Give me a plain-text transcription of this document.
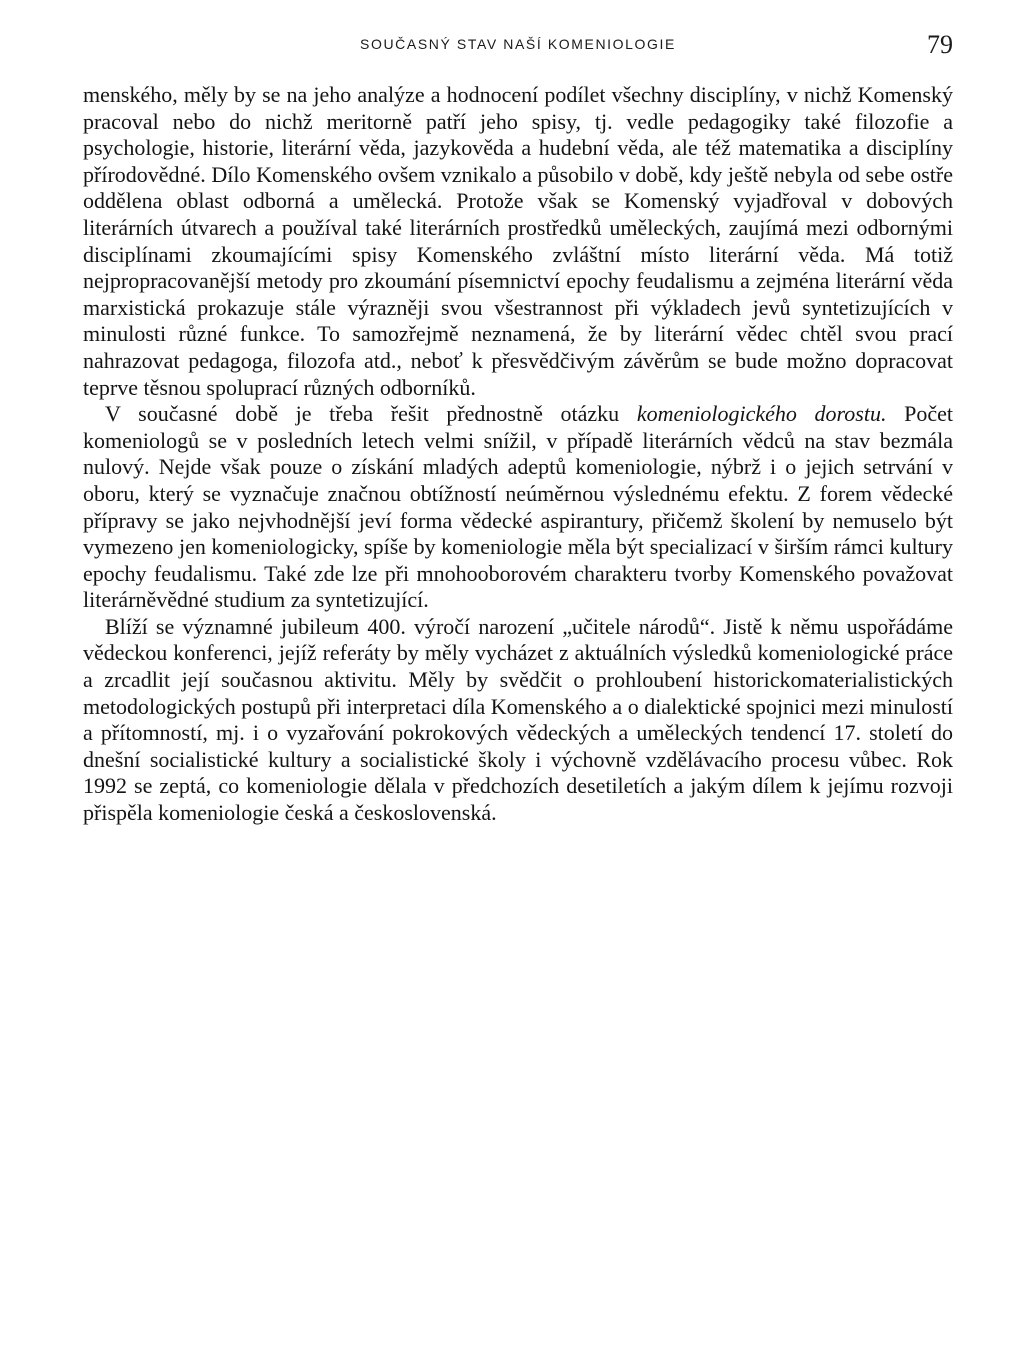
SOUČASNÝ STAV NAŠÍ KOMENIOLOGIE	79

menského, měly by se na jeho analýze a hodnocení podílet všechny disciplíny, v nichž Komenský pracoval nebo do nichž meritorně patří jeho spisy, tj. vedle pedagogiky také filozofie a psychologie, historie, literární věda, jazykověda a hudební věda, ale též matematika a disciplíny přírodovědné. Dílo Komenského ovšem vznikalo a působilo v době, kdy ještě nebyla od sebe ostře oddělena oblast odborná a umělecká. Protože však se Komenský vyjadřoval v dobových literárních útvarech a používal také literárních prostředků uměleckých, zaujímá mezi odbornými disciplínami zkoumajícími spisy Komenského zvláštní místo literární věda. Má totiž nejpropracovanější metody pro zkoumání písemnictví epochy feudalismu a zejména literární věda marxistická prokazuje stále výrazněji svou všestrannost při výkladech jevů syntetizujících v minulosti různé funkce. To samozřejmě neznamená, že by literární vědec chtěl svou prací nahrazovat pedagoga, filozofa atd., neboť k přesvědčivým závěrům se bude možno dopracovat teprve těsnou spoluprací různých odborníků.

V současné době je třeba řešit přednostně otázku komeniologického dorostu. Počet komeniologů se v posledních letech velmi snížil, v případě literárních vědců na stav bezmála nulový. Nejde však pouze o získání mladých adeptů komeniologie, nýbrž i o jejich setrvání v oboru, který se vyznačuje značnou obtížností neúměrnou výslednému efektu. Z forem vědecké přípravy se jako nejvhodnější jeví forma vědecké aspirantury, přičemž školení by nemuselo být vymezeno jen komeniologicky, spíše by komeniologie měla být specializací v širším rámci kultury epochy feudalismu. Také zde lze při mnohooborovém charakteru tvorby Komenského považovat literárněvědné studium za syntetizující.

Blíží se významné jubileum 400. výročí narození „učitele národů“. Jistě k němu uspořádáme vědeckou konferenci, jejíž referáty by měly vycházet z aktuálních výsledků komeniologické práce a zrcadlit její současnou aktivitu. Měly by svědčit o prohloubení historickomaterialistických metodologických postupů při interpretaci díla Komenského a o dialektické spojnici mezi minulostí a přítomností, mj. i o vyzařování pokrokových vědeckých a uměleckých tendencí 17. století do dnešní socialistické kultury a socialistické školy i výchovně vzdělávacího procesu vůbec. Rok 1992 se zeptá, co komeniologie dělala v předchozích desetiletích a jakým dílem k jejímu rozvoji přispěla komeniologie česká a československá.
